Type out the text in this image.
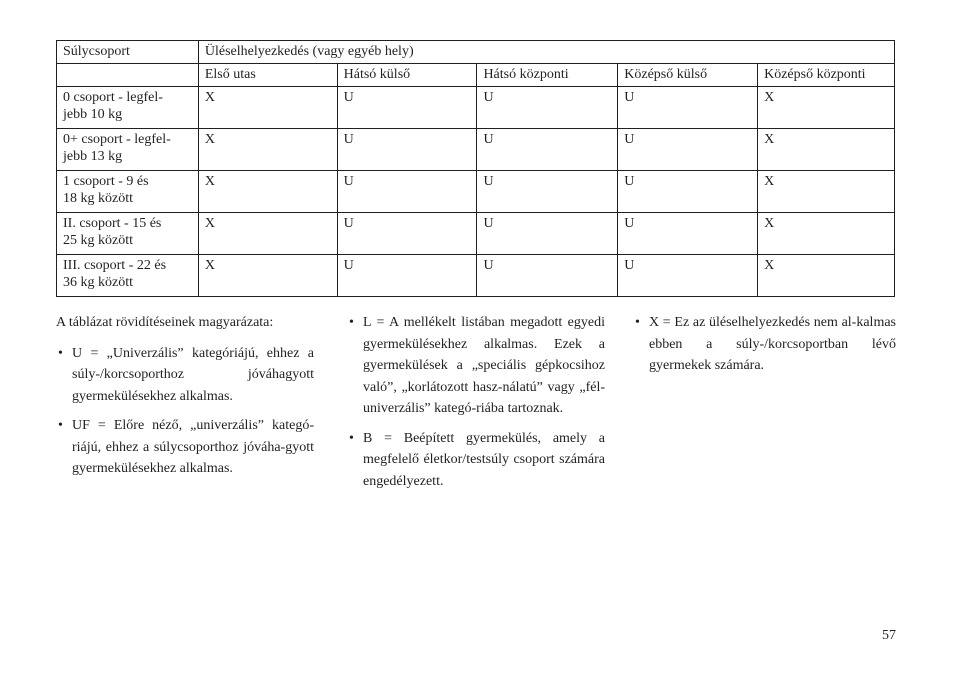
Súlycsoport	Üléselhelyezkedés (vagy egyéb hely)				
	Első utas	Hátsó külső	Hátsó központi	Középső külső	Középső központi
0 csoport - legfel-
jebb 10 kg	X	U	U	U	X
0+ csoport - legfel-
jebb 13 kg	X	U	U	U	X
1 csoport - 9 és
18 kg között	X	U	U	U	X
II. csoport - 15 és
25 kg között	X	U	U	U	X
III. csoport - 22 és
36 kg között	X	U	U	U	X

A táblázat rövidítéseinek magyarázata:

• U = „Univerzális” kategóriájú, ehhez a súly-/korcsoporthoz jóváhagyott gyermekülésekhez alkalmas.
• UF = Előre néző, „univerzális” kategó-riájú, ehhez a súlycsoporthoz jóváha-gyott gyermekülésekhez alkalmas.
• L = A mellékelt listában megadott egyedi gyermekülésekhez alkalmas. Ezek a gyermekülések a „speciális gépkocsihoz való”, „korlátozott hasz-nálatú” vagy „fél-univerzális” kategó-riába tartoznak.
• B = Beépített gyermekülés, amely a megfelelő életkor/testsúly csoport számára engedélyezett.
• X = Ez az üléselhelyezkedés nem al-kalmas ebben a súly-/korcsoportban lévő gyermekek számára.
57
